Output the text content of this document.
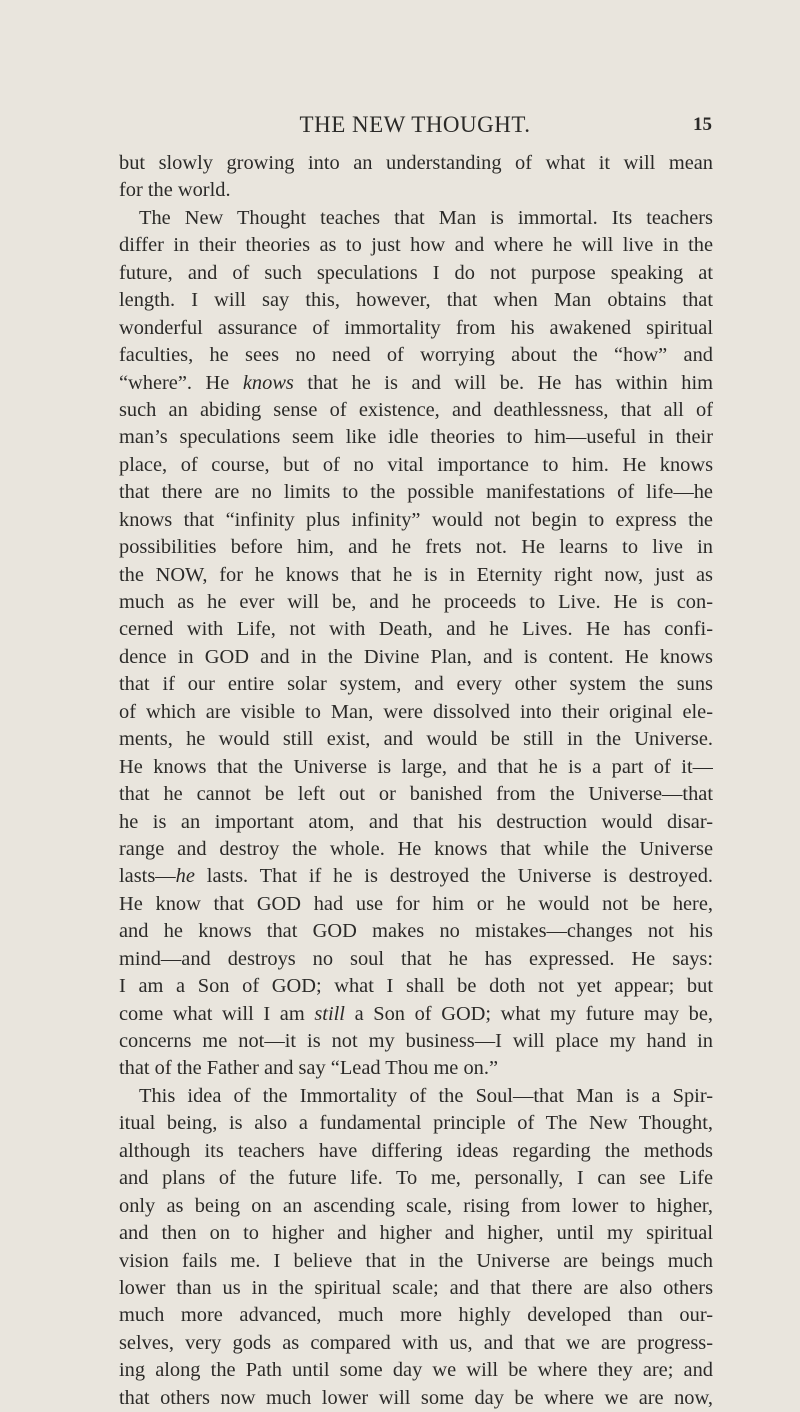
THE NEW THOUGHT.	15
but slowly growing into an understanding of what it will mean
for the world.
The New Thought teaches that Man is immortal. Its teachers
differ in their theories as to just how and where he will live in the
future, and of such speculations I do not purpose speaking at
length. I will say this, however, that when Man obtains that
wonderful assurance of immortality from his awakened spiritual
faculties, he sees no need of worrying about the “how” and
“where”. He knows that he is and will be. He has within him
such an abiding sense of existence, and deathlessness, that all of
man’s speculations seem like idle theories to him—useful in their
place, of course, but of no vital importance to him. He knows
that there are no limits to the possible manifestations of life—he
knows that “infinity plus infinity” would not begin to express the
possibilities before him, and he frets not. He learns to live in
the NOW, for he knows that he is in Eternity right now, just as
much as he ever will be, and he proceeds to Live. He is con-
cerned with Life, not with Death, and he Lives. He has confi-
dence in GOD and in the Divine Plan, and is content. He knows
that if our entire solar system, and every other system the suns
of which are visible to Man, were dissolved into their original ele-
ments, he would still exist, and would be still in the Universe.
He knows that the Universe is large, and that he is a part of it—
that he cannot be left out or banished from the Universe—that
he is an important atom, and that his destruction would disar-
range and destroy the whole. He knows that while the Universe
lasts—he lasts. That if he is destroyed the Universe is destroyed.
He know that GOD had use for him or he would not be here,
and he knows that GOD makes no mistakes—changes not his
mind—and destroys no soul that he has expressed. He says:
I am a Son of GOD; what I shall be doth not yet appear; but
come what will I am still a Son of GOD; what my future may be,
concerns me not—it is not my business—I will place my hand in
that of the Father and say “Lead Thou me on.”
This idea of the Immortality of the Soul—that Man is a Spir-
itual being, is also a fundamental principle of The New Thought,
although its teachers have differing ideas regarding the methods
and plans of the future life. To me, personally, I can see Life
only as being on an ascending scale, rising from lower to higher,
and then on to higher and higher and higher, until my spiritual
vision fails me. I believe that in the Universe are beings much
lower than us in the spiritual scale; and that there are also others
much more advanced, much more highly developed than our-
selves, very gods as compared with us, and that we are progress-
ing along the Path until some day we will be where they are; and
that others now much lower will some day be where we are now,
